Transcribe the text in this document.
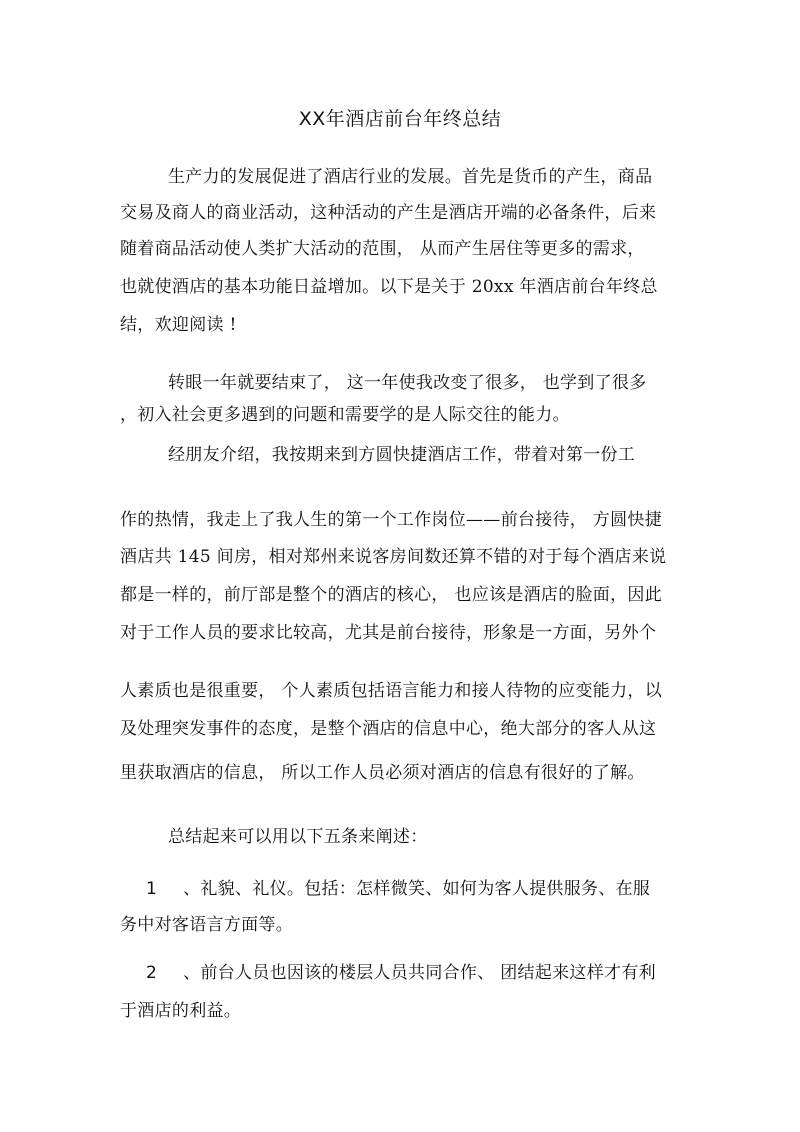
XX年酒店前台年终总结
生产力的发展促进了酒店行业的发展。首先是货币的产生，商品
交易及商人的商业活动，这种活动的产生是酒店开端的必备条件，后来
随着商品活动使人类扩大活动的范围， 从而产生居住等更多的需求，
也就使酒店的基本功能日益增加。以下是关于 20xx 年酒店前台年终总
结，欢迎阅读 !
转眼一年就要结束了， 这一年使我改变了很多， 也学到了很多
，初入社会更多遇到的问题和需要学的是人际交往的能力。
经朋友介绍，我按期来到方圆快捷酒店工作，带着对第一份工
作的热情，我走上了我人生的第一个工作岗位——前台接待， 方圆快捷
酒店共 145 间房，相对郑州来说客房间数还算不错的对于每个酒店来说
都是一样的，前厅部是整个的酒店的核心， 也应该是酒店的脸面，因此
对于工作人员的要求比较高，尤其是前台接待，形象是一方面，另外个
人素质也是很重要， 个人素质包括语言能力和接人待物的应变能力，以
及处理突发事件的态度，是整个酒店的信息中心，绝大部分的客人从这
里获取酒店的信息， 所以工作人员必须对酒店的信息有很好的了解。
总结起来可以用以下五条来阐述：
1 、礼貌、礼仪。包括：怎样微笑、如何为客人提供服务、在服
务中对客语言方面等。
2 、前台人员也因该的楼层人员共同合作、 团结起来这样才有利
于酒店的利益。
